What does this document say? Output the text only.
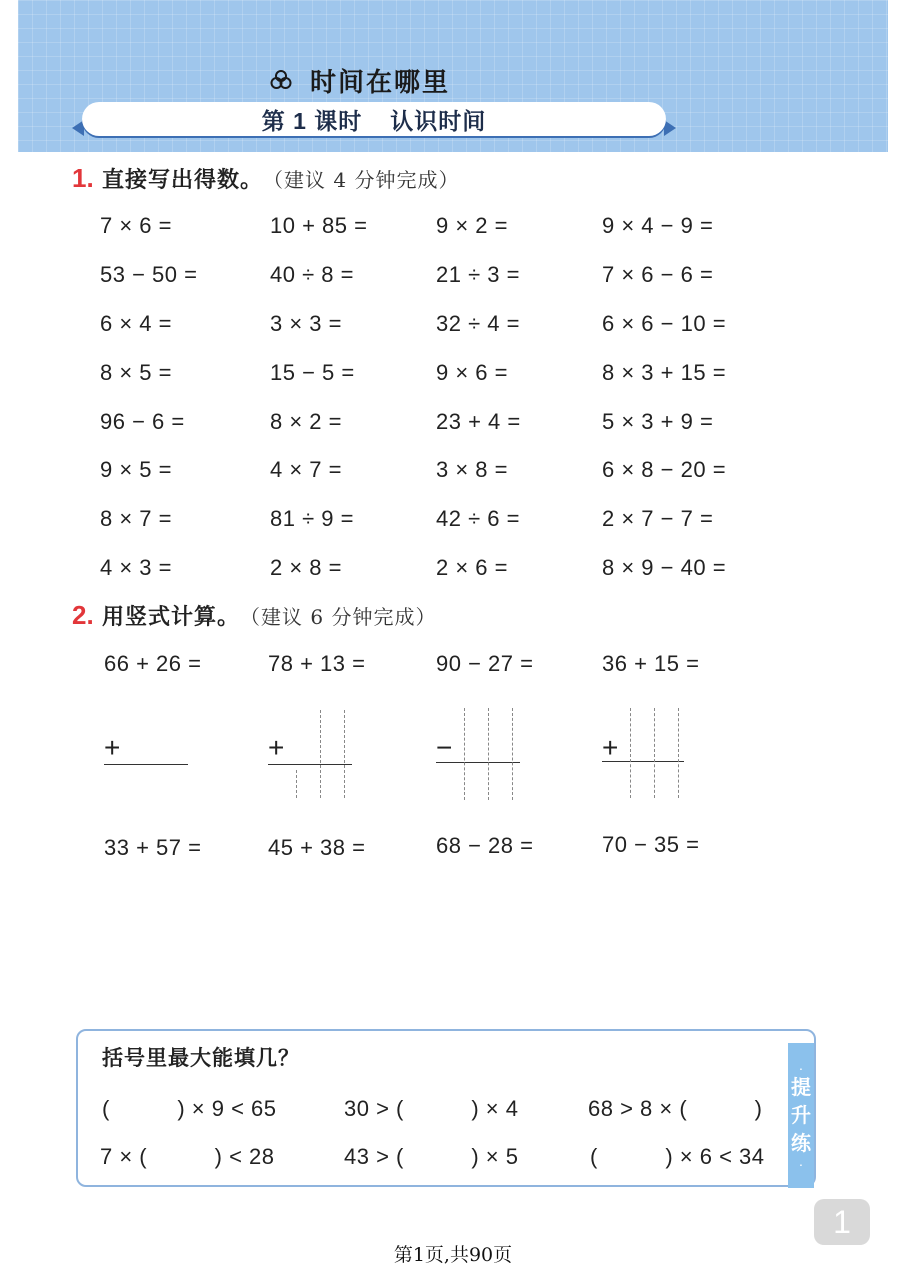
时间在哪里
第 1 课时 认识时间
1. 直接写出得数。 （建议 4 分钟完成）
7 × 6 =	10 + 85 =	9 × 2 =	9 × 4 − 9 =
53 − 50 =	40 ÷ 8 =	21 ÷ 3 =	7 × 6 − 6 =
6 × 4 =	3 × 3 =	32 ÷ 4 =	6 × 6 − 10 =
8 × 5 =	15 − 5 =	9 × 6 =	8 × 3 + 15 =
96 − 6 =	8 × 2 =	23 + 4 =	5 × 3 + 9 =
9 × 5 =	4 × 7 =	3 × 8 =	6 × 8 − 20 =
8 × 7 =	81 ÷ 9 =	42 ÷ 6 =	2 × 7 − 7 =
4 × 3 =	2 × 8 =	2 × 6 =	8 × 9 − 40 =
2. 用竖式计算。 （建议 6 分钟完成）
66 + 26 =	78 + 13 =	90 − 27 =	36 + 15 =
+	+	−	+
33 + 57 =	45 + 38 =	68 − 28 =	70 − 35 =
括号里最大能填几？	·
提
升
练
·
(　　　) × 9 < 65	30 > (　　　) × 4	68 > 8 × (　　　)
7 × (　　　) < 28	43 > (　　　) × 5	(　　　) × 6 < 34
1
第1页,共90页
